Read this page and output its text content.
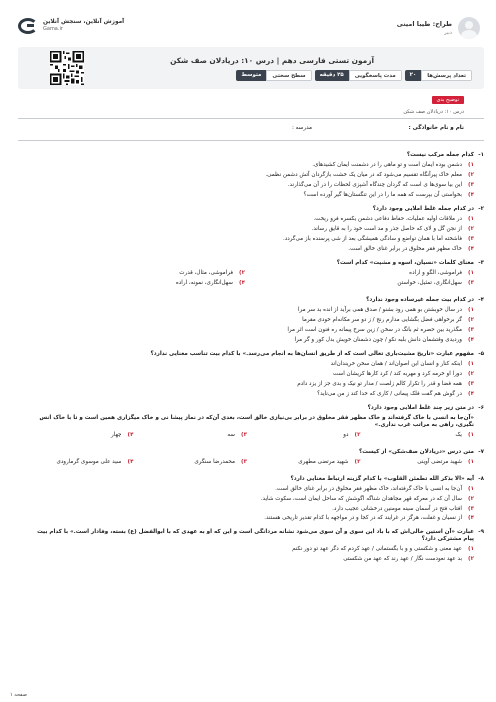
طراح: طیبا امینی
دبیر
آموزش آنلاین، سنجش آنلاین
Gama.ir
آزمون تستی فارسی دهم | درس ۱۰: دریادلان صف شکن
تعداد پرسش‌ها
۲۰
مدت پاسخگویی
۲۵ دقیقه
سطح سختی
متوسط
توضیح بدی
درس ۱۰: دریادلان صف شکن
نام و نام خانوادگی :
مدرسه :
۱-
کدام جمله مرکب نیست؟
۱)
دشمن بوده ایمان است و تو ماهی را در دشمنت ایمان کشیدهای.
۲)
معلم خاک پیرآنگاه تقسیم می‌شود که در میان یک خشت بازگردان آتش دشمن نظمی.
۳)
این بیا سوی‌ها ی است که گردان چندگاه آشپزی لحظات را در آن می‌گذارند.
۴)
بخواستی آن بپرست که همه ما را در این تنگستان‌ها گیر آورده است؟
۲-
در کدام جمله غلط املایی وجود دارد؟
۱)
در ملاقات اولیه عملیات، حفاظ دفاعی دشمن یکسره فرو ریخت.
۲)
از نجن گل و لای که حاصل جذر و مد است خود را به قایق رساند.
۳)
فاشخته اما با همان تواضع و سادگی همیشگی بعد از شی پرسنده باز می‌گردد.
۴)
خاک مظهر فقر مخلوق در برابر غنای خالق است.
۳-
معنای کلمات «نسیان، اسوه و مشیت» کدام است؟
۱)
فراموشی، الگو و اراده
۲)
فراموشی، مثال، قدرت
۳)
سهل‌انگاری، تمثیل، خواستن
۴)
سهل‌انگاری، نمونه، اراده
۴-
در کدام بیت جمله غیرساده وجود ندارد؟
۱)
در سال خوبشتن بو همی رود بشنو / صدق همی برآید از انده بد سر مرا
۲)
گر برخواهی فضل بگشایی مدارم رنج / ز دو سر مکانه‌ام خودی مقرما
۳)
مگذرید بین حصره ثم بانگ در سخن / زین سرخ پیمانه ره فنون است اثر مرا
۴)
وردیدی وقتشمان دانش بلبه نکو / چون دشمنان خویش بدل کور و گر مرا
۵-
مفهوم عبارت «تاریخ مشیت‌باری تعالی است که از طریق انسان‌ها به انجام می‌رسد.» با کدام بیت تناسب معنایی ندارد؟
۱)
اینکه کنار و انسان این اصوان‌اند / همان سخن خریندان‌اند
۲)
دورا او خرمه کرد و مهربه کند / کرد کارها کریشان است
۳)
همه فضا و قدر را تکرار کالم زلصت / مدار تو نیک و بدی جز از یزد دادم
۴)
در گوش هم گفت فلک پیمانی / کاری که خدا کند ز من می‌ناید؟
۶-
در متن زیر چند غلط املایی وجود دارد؟
«آن‌جا به انسی با خاک گرفته‌اند و خاک مظهر فقر مخلوق در برابر بی‌نیازی خالق است، بعدی آن‌که در نماز پیشا نی و خاک میگزاری همین است و تا با خاک انس نگیری، راهی به مراتب غرب نداری.»
۱)
یک
۲)
دو
۳)
سه
۴)
چهار
۷-
متن درس «دریادلان صف‌شکن» از کیست؟
۱)
شهید مرتضی آوینی
۲)
شهید مرتضی مطهری
۳)
محمدرضا سنگری
۴)
سید علی موسوی گرمارودی
۸-
آیه «الا بذکر الله تطمئن القلوب» با کدام گزینه ارتباط معنایی دارد؟
۱)
آن‌جا به انسی با خاک گرفته‌اند، خاک مظهر فقر مخلوق در برابر غنای خالق است.
۲)
سال آن که در معرکه قهر مجاهدان شناگه اگوشش که ساحل ایمان است، سکوت شاید.
۳)
افتاب فتح در آسمان سینه مومنین درخشانی عجیب دارد.
۴)
از نسیان و غفلت، هرگز در غرایند که در کجا و در مواجهه با کدام تقدیر تاریخی هستند.
۹-
عبارت «آن استین خالی‌اش که با باد این سوی و آن سوی می‌شود نشانه مردانگی است و این که او به عهدی که با ابوالفضل (ع) بسته، وفادار است.» با کدام بیت پیام مشترکی دارد؟
۱)
عهد معنی و شکستی و و با بگستمانی / عهد کردم که دگر عهد تو دور نکنم
۲)
بد عهد نعودست نگار / عهد رند که عهد من شکستی
صفحه ۱
